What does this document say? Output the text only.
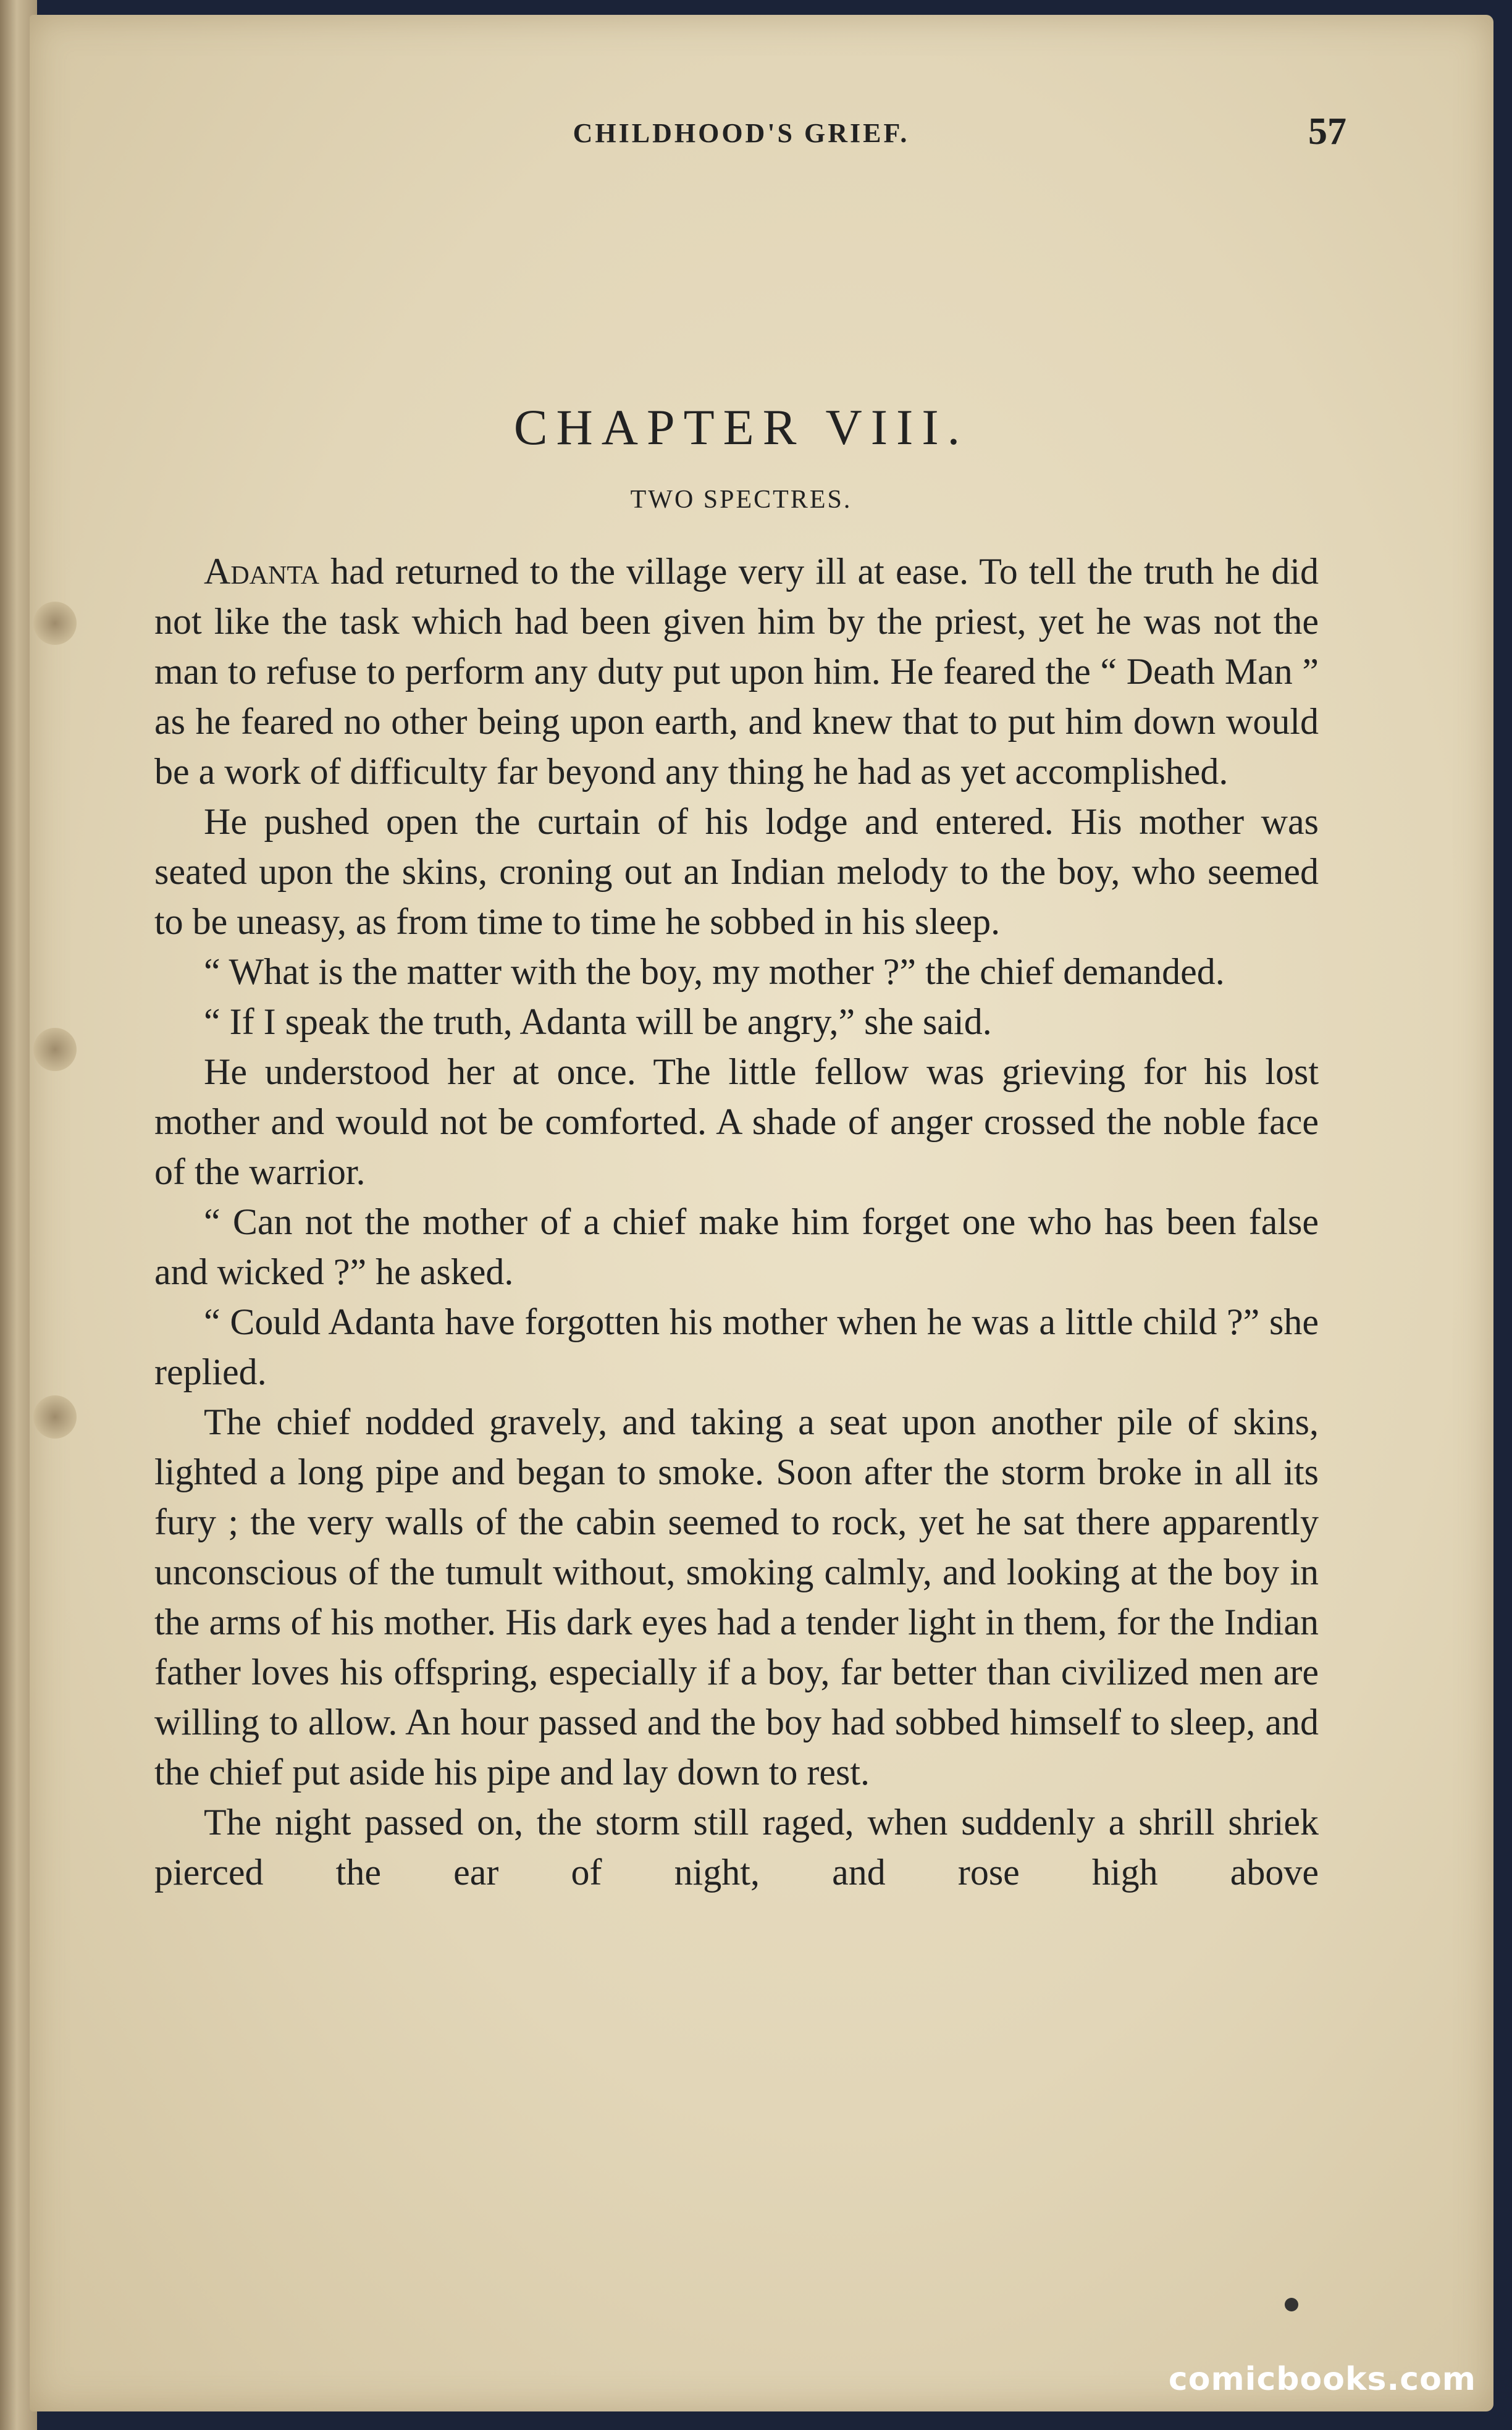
CHILDHOOD'S GRIEF.	57
CHAPTER VIII.
TWO SPECTRES.

Adanta had returned to the village very ill at ease. To tell the truth he did not like the task which had been given him by the priest, yet he was not the man to refuse to perform any duty put upon him. He feared the “ Death Man ” as he feared no other being upon earth, and knew that to put him down would be a work of difficulty far beyond any thing he had as yet accomplished.

He pushed open the curtain of his lodge and entered. His mother was seated upon the skins, croning out an Indian melody to the boy, who seemed to be uneasy, as from time to time he sobbed in his sleep.

“ What is the matter with the boy, my mother ?” the chief demanded.

“ If I speak the truth, Adanta will be angry,” she said.

He understood her at once. The little fellow was grieving for his lost mother and would not be comforted. A shade of anger crossed the noble face of the warrior.

“ Can not the mother of a chief make him forget one who has been false and wicked ?” he asked.

“ Could Adanta have forgotten his mother when he was a little child ?” she replied.

The chief nodded gravely, and taking a seat upon another pile of skins, lighted a long pipe and began to smoke. Soon after the storm broke in all its fury ; the very walls of the cabin seemed to rock, yet he sat there apparently unconscious of the tumult without, smoking calmly, and looking at the boy in the arms of his mother. His dark eyes had a tender light in them, for the Indian father loves his offspring, especially if a boy, far better than civilized men are willing to allow. An hour passed and the boy had sobbed himself to sleep, and the chief put aside his pipe and lay down to rest.

The night passed on, the storm still raged, when suddenly a shrill shriek pierced the ear of night, and rose high above

comicbooks.com
